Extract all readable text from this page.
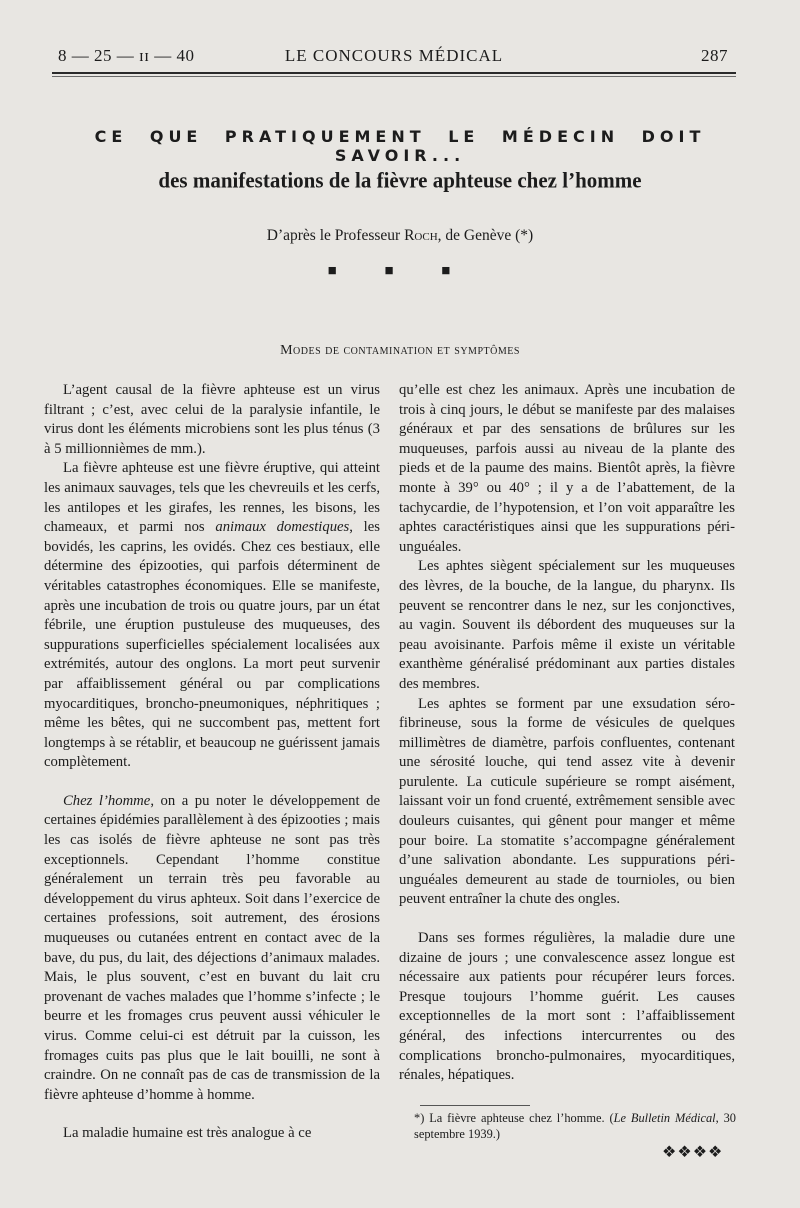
8 — 25 — ɪɪ — 40	LE CONCOURS MÉDICAL	287
CE QUE PRATIQUEMENT LE MÉDECIN DOIT SAVOIR...
des manifestations de la fièvre aphteuse chez l’homme
D’après le Professeur Roch, de Genève (*)
■ ■ ■
Modes de contamination et symptômes

L’agent causal de la fièvre aphteuse est un virus filtrant ; c’est, avec celui de la paralysie infantile, le virus dont les éléments microbiens sont les plus ténus (3 à 5 millionnièmes de mm.).

La fièvre aphteuse est une fièvre éruptive, qui atteint les animaux sauvages, tels que les chevreuils et les cerfs, les antilopes et les girafes, les rennes, les bisons, les chameaux, et parmi nos animaux domestiques, les bovidés, les caprins, les ovidés. Chez ces bestiaux, elle détermine des épizooties, qui parfois déterminent de véritables catastrophes économiques. Elle se manifeste, après une incubation de trois ou quatre jours, par un état fébrile, une éruption pustuleuse des muqueuses, des suppurations superficielles spécialement localisées aux extrémités, autour des onglons. La mort peut survenir par affaiblissement général ou par complications myocarditiques, broncho-pneumoniques, néphritiques ; même les bêtes, qui ne succombent pas, mettent fort longtemps à se rétablir, et beaucoup ne guérissent jamais complètement.

Chez l’homme, on a pu noter le développement de certaines épidémies parallèlement à des épizooties ; mais les cas isolés de fièvre aphteuse ne sont pas très exceptionnels. Cependant l’homme constitue généralement un terrain très peu favorable au développement du virus aphteux. Soit dans l’exercice de certaines professions, soit autrement, des érosions muqueuses ou cutanées entrent en contact avec de la bave, du pus, du lait, des déjections d’animaux malades. Mais, le plus souvent, c’est en buvant du lait cru provenant de vaches malades que l’homme s’infecte ; le beurre et les fromages crus peuvent aussi véhiculer le virus. Comme celui-ci est détruit par la cuisson, les fromages cuits pas plus que le lait bouilli, ne sont à craindre. On ne connaît pas de cas de transmission de la fièvre aphteuse d’homme à homme.

La maladie humaine est très analogue à ce

qu’elle est chez les animaux. Après une incubation de trois à cinq jours, le début se manifeste par des malaises généraux et par des sensations de brûlures sur les muqueuses, parfois aussi au niveau de la plante des pieds et de la paume des mains. Bientôt après, la fièvre monte à 39° ou 40° ; il y a de l’abattement, de la tachycardie, de l’hypotension, et l’on voit apparaître les aphtes caractéristiques ainsi que les suppurations péri-unguéales.

Les aphtes siègent spécialement sur les muqueuses des lèvres, de la bouche, de la langue, du pharynx. Ils peuvent se rencontrer dans le nez, sur les conjonctives, au vagin. Souvent ils débordent des muqueuses sur la peau avoisinante. Parfois même il existe un véritable exanthème généralisé prédominant aux parties distales des membres.

Les aphtes se forment par une exsudation séro-fibrineuse, sous la forme de vésicules de quelques millimètres de diamètre, parfois confluentes, contenant une sérosité louche, qui tend assez vite à devenir purulente. La cuticule supérieure se rompt aisément, laissant voir un fond cruenté, extrêmement sensible avec douleurs cuisantes, qui gênent pour manger et même pour boire. La stomatite s’accompagne généralement d’une salivation abondante. Les suppurations péri-unguéales demeurent au stade de tournioles, ou bien peuvent entraîner la chute des ongles.

Dans ses formes régulières, la maladie dure une dizaine de jours ; une convalescence assez longue est nécessaire aux patients pour récupérer leurs forces. Presque toujours l’homme guérit. Les causes exceptionnelles de la mort sont : l’affaiblissement général, des infections intercurrentes ou des complications broncho-pulmonaires, myocarditiques, rénales, hépatiques.

*) La fièvre aphteuse chez l’homme. (Le Bulletin Médical, 30 septembre 1939.)
❖❖❖❖
